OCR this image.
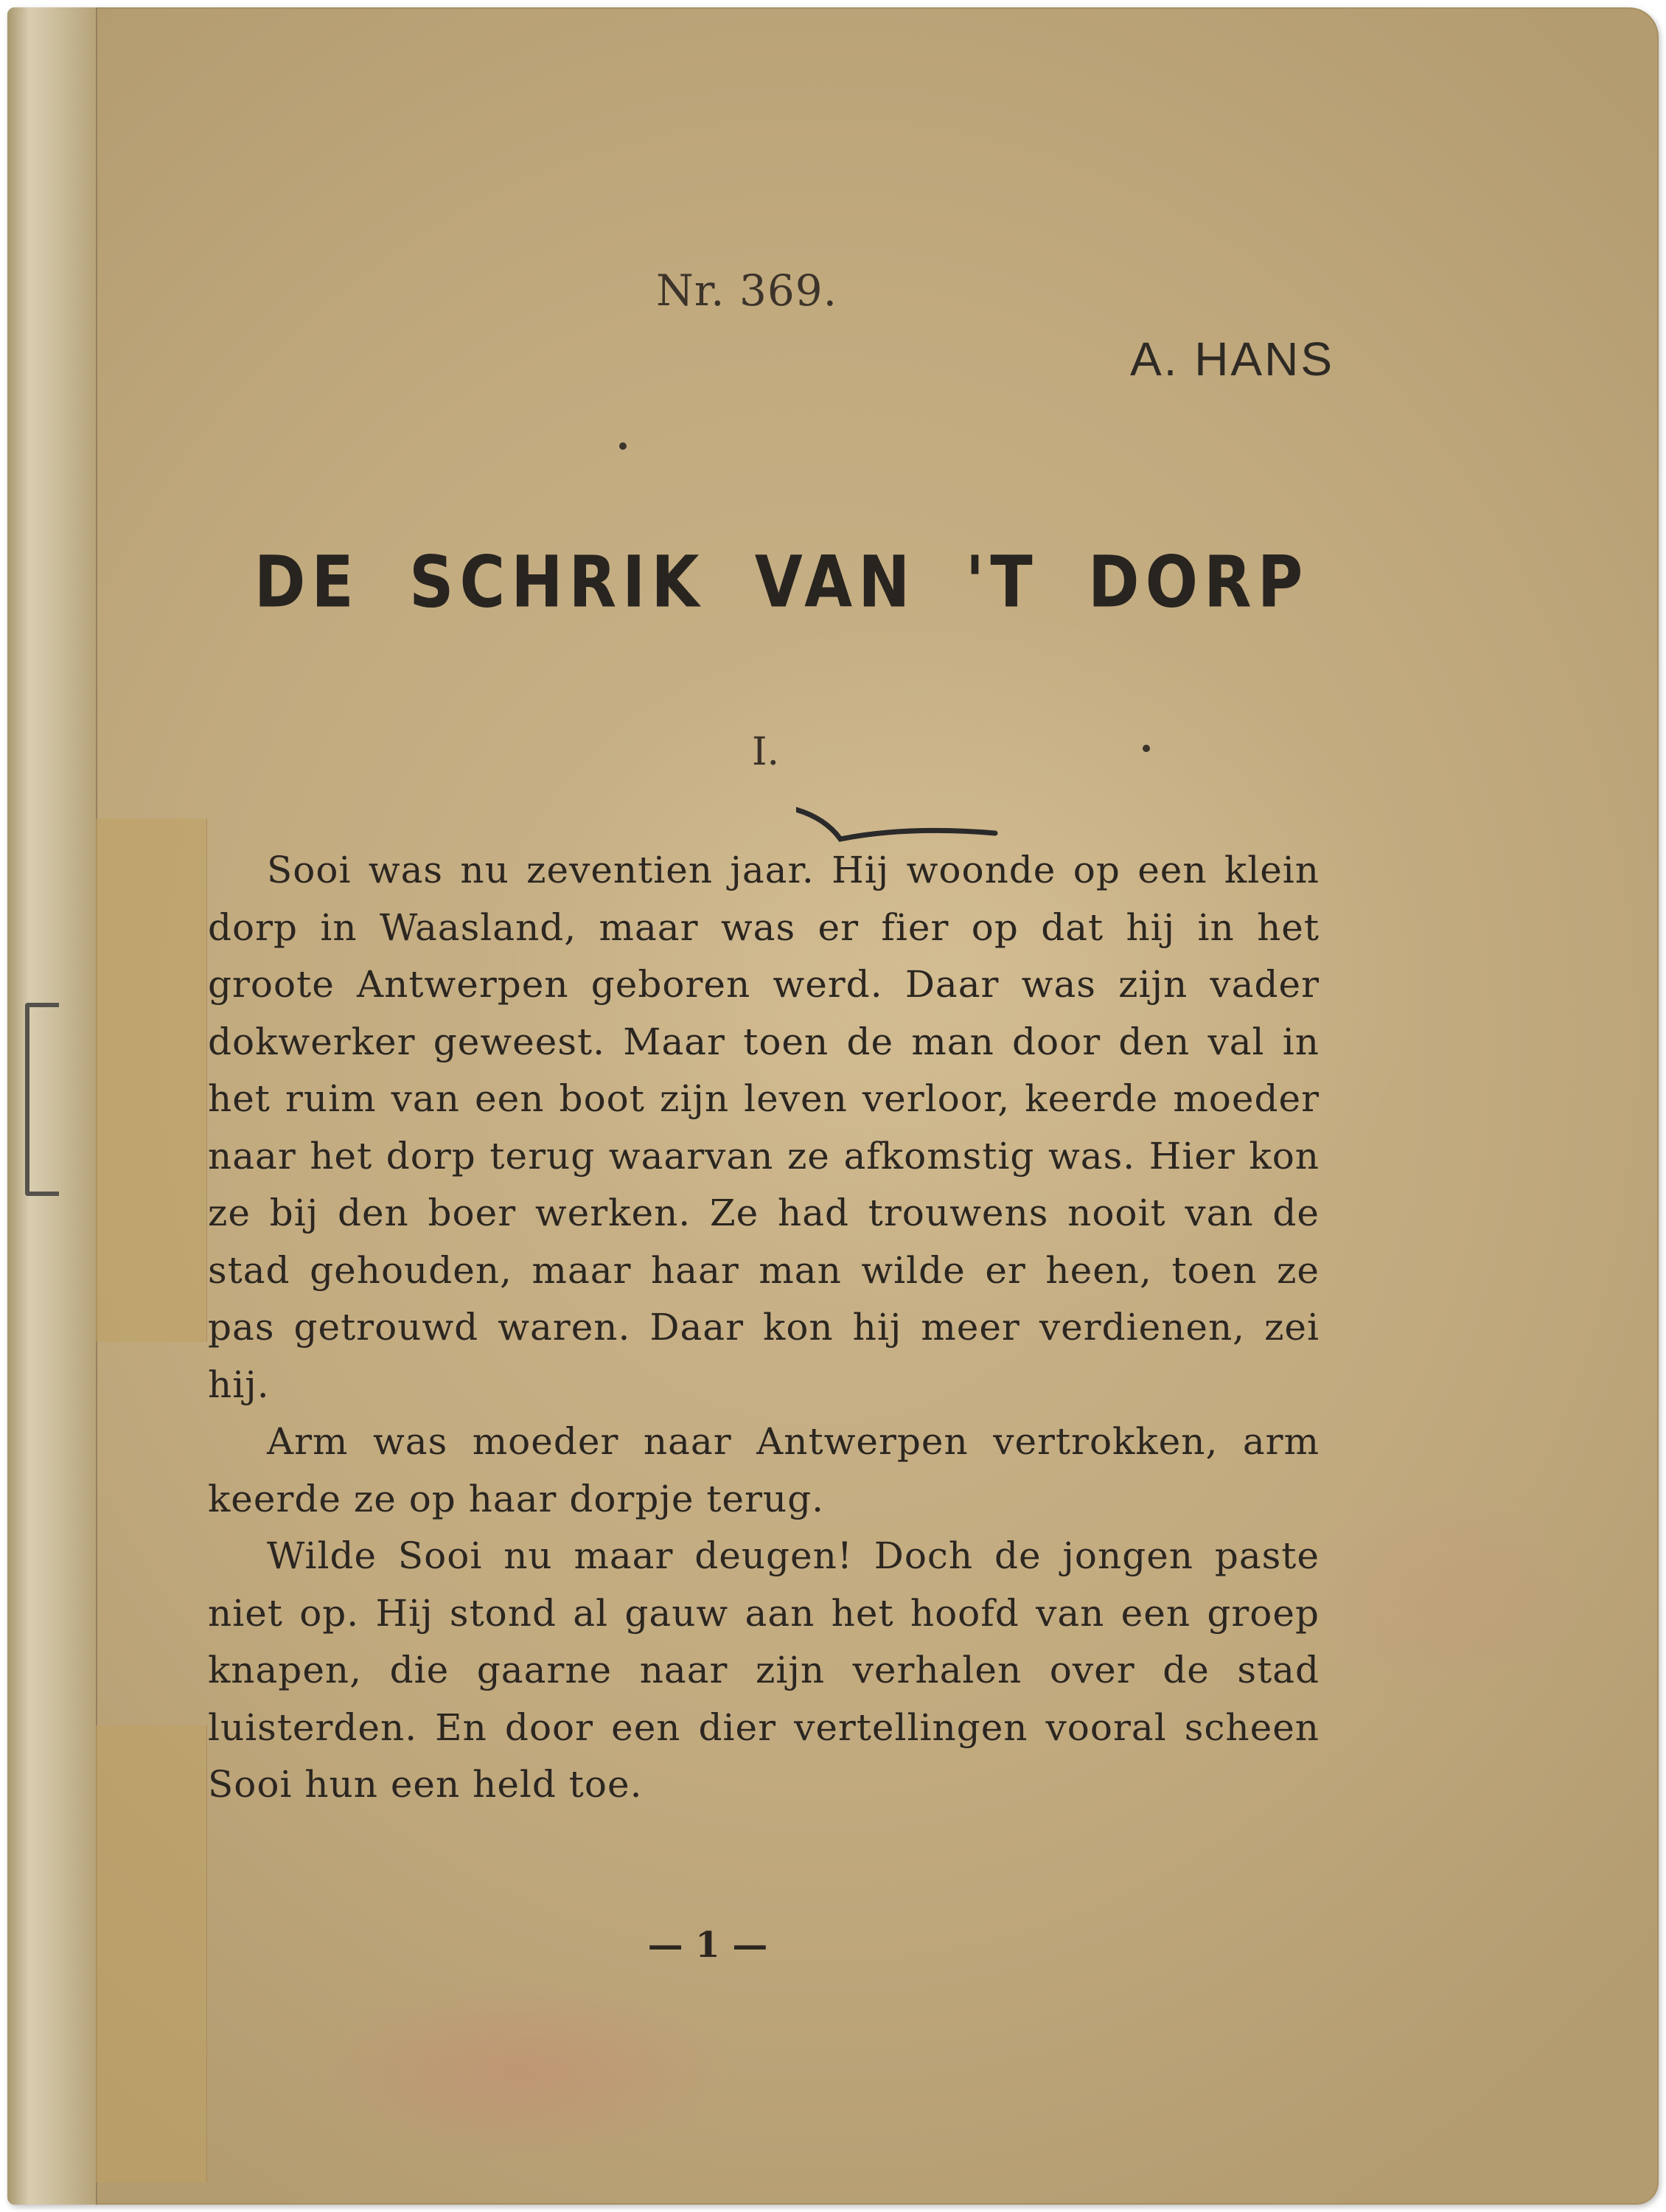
Nr. 369.
A. HANS
DE SCHRIK VAN 'T DORP
I.

Sooi was nu zeventien jaar. Hij woonde op een klein dorp in Waasland, maar was er fier op dat hij in het groote Antwerpen geboren werd. Daar was zijn vader dokwerker geweest. Maar toen de man door den val in het ruim van een boot zijn leven verloor, keerde moeder naar het dorp terug waarvan ze afkomstig was. Hier kon ze bij den boer werken. Ze had trouwens nooit van de stad gehouden, maar haar man wilde er heen, toen ze pas getrouwd waren. Daar kon hij meer verdienen, zei hij.

Arm was moeder naar Antwerpen vertrokken, arm keerde ze op haar dorpje terug.

Wilde Sooi nu maar deugen! Doch de jongen paste niet op. Hij stond al gauw aan het hoofd van een groep knapen, die gaarne naar zijn verhalen over de stad luisterden. En door een dier vertellingen vooral scheen Sooi hun een held toe.

— 1 —
